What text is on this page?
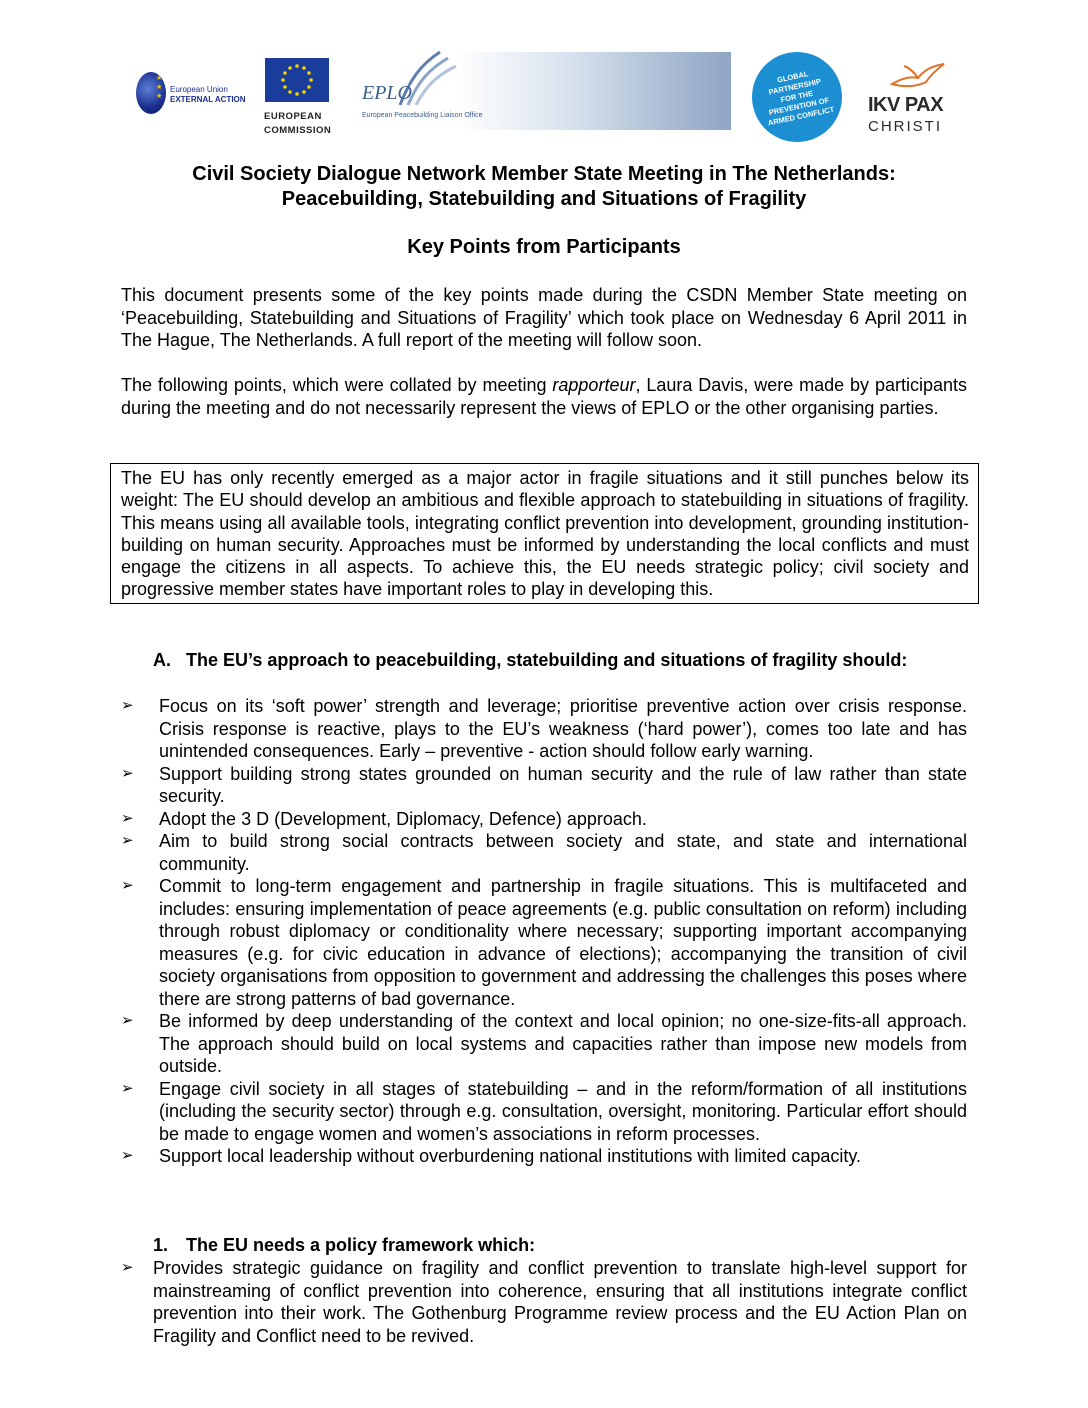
★
★
★
European Union
EXTERNAL ACTION
EUROPEAN
COMMISSION
EPLO
European Peacebuilding Liaison Office
GLOBAL PARTNERSHIP FOR THE PREVENTION OF ARMED CONFLICT IKV PAX
CHRISTI
Civil Society Dialogue Network Member State Meeting in The Netherlands:
Peacebuilding, Statebuilding and Situations of Fragility
Key Points from Participants

This document presents some of the key points made during the CSDN Member State meeting on ‘Peacebuilding, Statebuilding and Situations of Fragility’ which took place on Wednesday 6 April 2011 in The Hague, The Netherlands. A full report of the meeting will follow soon.

The following points, which were collated by meeting rapporteur, Laura Davis, were made by participants during the meeting and do not necessarily represent the views of EPLO or the other organising parties.

The EU has only recently emerged as a major actor in fragile situations and it still punches below its weight: The EU should develop an ambitious and flexible approach to statebuilding in situations of fragility. This means using all available tools, integrating conflict prevention into development, grounding institution-building on human security. Approaches must be informed by understanding the local conflicts and must engage the citizens in all aspects. To achieve this, the EU needs strategic policy; civil society and progressive member states have important roles to play in developing this.
A. The EU’s approach to peacebuilding, statebuilding and situations of fragility should:
➢ Focus on its ‘soft power’ strength and leverage; prioritise preventive action over crisis response. Crisis response is reactive, plays to the EU’s weakness (‘hard power’), comes too late and has unintended consequences. Early – preventive - action should follow early warning.
➢ Support building strong states grounded on human security and the rule of law rather than state security.
➢ Adopt the 3 D (Development, Diplomacy, Defence) approach.
➢ Aim to build strong social contracts between society and state, and state and international community.
➢ Commit to long-term engagement and partnership in fragile situations. This is multifaceted and includes: ensuring implementation of peace agreements (e.g. public consultation on reform) including through robust diplomacy or conditionality where necessary; supporting important accompanying measures (e.g. for civic education in advance of elections); accompanying the transition of civil society organisations from opposition to government and addressing the challenges this poses where there are strong patterns of bad governance.
➢ Be informed by deep understanding of the context and local opinion; no one-size-fits-all approach. The approach should build on local systems and capacities rather than impose new models from outside.
➢ Engage civil society in all stages of statebuilding – and in the reform/formation of all institutions (including the security sector) through e.g. consultation, oversight, monitoring. Particular effort should be made to engage women and women’s associations in reform processes.
➢ Support local leadership without overburdening national institutions with limited capacity.
1. The EU needs a policy framework which:
➢ Provides strategic guidance on fragility and conflict prevention to translate high-level support for mainstreaming of conflict prevention into coherence, ensuring that all institutions integrate conflict prevention into their work. The Gothenburg Programme review process and the EU Action Plan on Fragility and Conflict need to be revived.
